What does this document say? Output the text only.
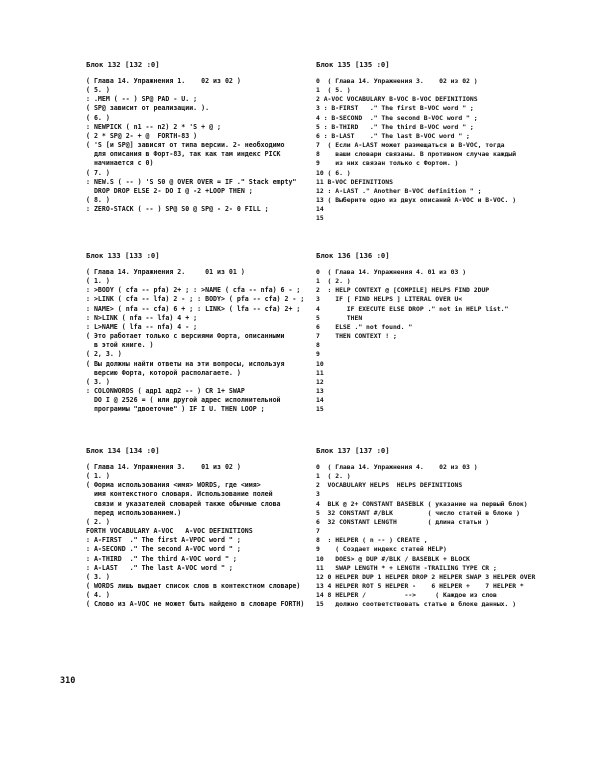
Блок 132 [132 :0]
( Глава 14. Упражнения 1.    02 из 02 )
( 5. )
: .MEM ( -- ) SP@ PAD - U. ;
( SP@ зависит от реализации. ).
( 6. )
: NEWPICK ( n1 -- n2) 2 * 'S + @ ;
( 2 * SP@ 2- + @  FORTH-83 )
( 'S [и SP@] зависят от типа версии. 2- необходимо
для описания в Форт-83, так как там индекс PICK
начинается с 0)
( 7. )
: NEW.S ( -- ) 'S S0 @ OVER OVER = IF ." Stack empty"
DROP DROP ELSE 2- DO I @ -2 +LOOP THEN ;
( 8. )
: ZERO-STACK ( -- ) SP@ S0 @ SP@ - 2- 0 FILL ;
Блок 135 [135 :0]
0  ( Глава 14. Упражнения 3.    02 из 02 )
1  ( 5. )
2 A-VOC VOCABULARY B-VOC B-VOC DEFINITIONS
3 : B-FIRST   ." The first B-VOC word " ;
4 : B-SECOND  ." The second B-VOC word " ;
5 : B-THIRD   ." The third B-VOC word " ;
6 : B-LAST    ." The last B-VOC word " ;
7  ( Если A-LAST может размещаться в B-VOC, тогда
8    ваши словари связаны. В противном случае каждый
9    из них связан только с Фортом. )
10 ( 6. )
11 B-VOC DEFINITIONS
12 : A-LAST ." Another B-VOC definition " ;
13 ( Выберите одно из двух описаний A-VOC и B-VOC. )
14
15
Блок 133 [133 :0]
( Глава 14. Упражнения 2.     01 из 01 )
( 1. )
: >BODY ( cfa -- pfa) 2+ ; : >NAME ( cfa -- nfa) 6 - ;
: >LINK ( cfa -- lfa) 2 - ; : BODY> ( pfa -- cfa) 2 - ;
: NAME> ( nfa -- cfa) 6 + ; : LINK> ( lfa -- cfa) 2+ ;
: N>LINK ( nfa -- lfa) 4 + ;
: L>NAME ( lfa -- nfa) 4 - ;
( Это работает только с версиями Форта, описанными
в этой книге. )
( 2, 3. )
( Вы должны найти ответы на эти вопросы, используя
версию Форта, которой располагаете. )
( 3. )
: COLONWORDS ( адр1 адр2 -- ) CR 1+ SWAP
DO I @ 2526 = ( или другой адрес исполнительной
программы "двоеточие" ) IF I U. THEN LOOP ;
Блок 136 [136 :0]
0  ( Глава 14. Упражнения 4. 01 из 03 )
1  ( 2. )
2  : HELP CONTEXT @ [COMPILE] HELPS FIND 2DUP
3    IF [ FIND HELPS ] LITERAL OVER U<
4       IF EXECUTE ELSE DROP ." not in HELP list."
5       THEN
6    ELSE ." not found. "
7    THEN CONTEXT ! ;
8
9
10
11
12
13
14
15
Блок 134 [134 :0]
( Глава 14. Упражнения 3.    01 из 02 )
( 1. )
( Форма использования <имя> WORDS, где <имя>
имя контекстного словаря. Использование полей
связи и указателей словарей также обычные слова
перед использованием.)
( 2. )
FORTH VOCABULARY A-VOC   A-VOC DEFINITIONS
: A-FIRST  ." The first A-VPOC word " ;
: A-SECOND ." The second A-VOC word " ;
: A-THIRD  ." The third A-VOC word " ;
: A-LAST   ." The last A-VOC word " ;
( 3. )
( WORDS лишь выдает список слов в контекстном словаре)
( 4. )
( Слово из A-VOC не может быть найдено в словаре FORTH)
Блок 137 [137 :0]
0  ( Глава 14. Упражнения 4.    02 из 03 )
1  ( 2. )
2  VOCABULARY HELPS  HELPS DEFINITIONS
3
4  BLK @ 2+ CONSTANT BASEBLK ( указание на первый блок)
5  32 CONSTANT #/BLK         ( число статей в блоке )
6  32 CONSTANT LENGTH        ( длина статьи )
7
8  : HELPER ( n -- ) CREATE ,
9    ( Создает индекс статей HELP)
10   DOES> @ DUP #/BLK / BASEBLK + BLOCK
11   SWAP LENGTH * + LENGTH -TRAILING TYPE CR ;
12 0 HELPER DUP 1 HELPER DROP 2 HELPER SWAP 3 HELPER OVER
13 4 HELPER ROT 5 HELPER -    6 HELPER +    7 HELPER *
14 8 HELPER /          -->     ( Каждое из слов
15   должно соответствовать статье в блоке данных. )
310
